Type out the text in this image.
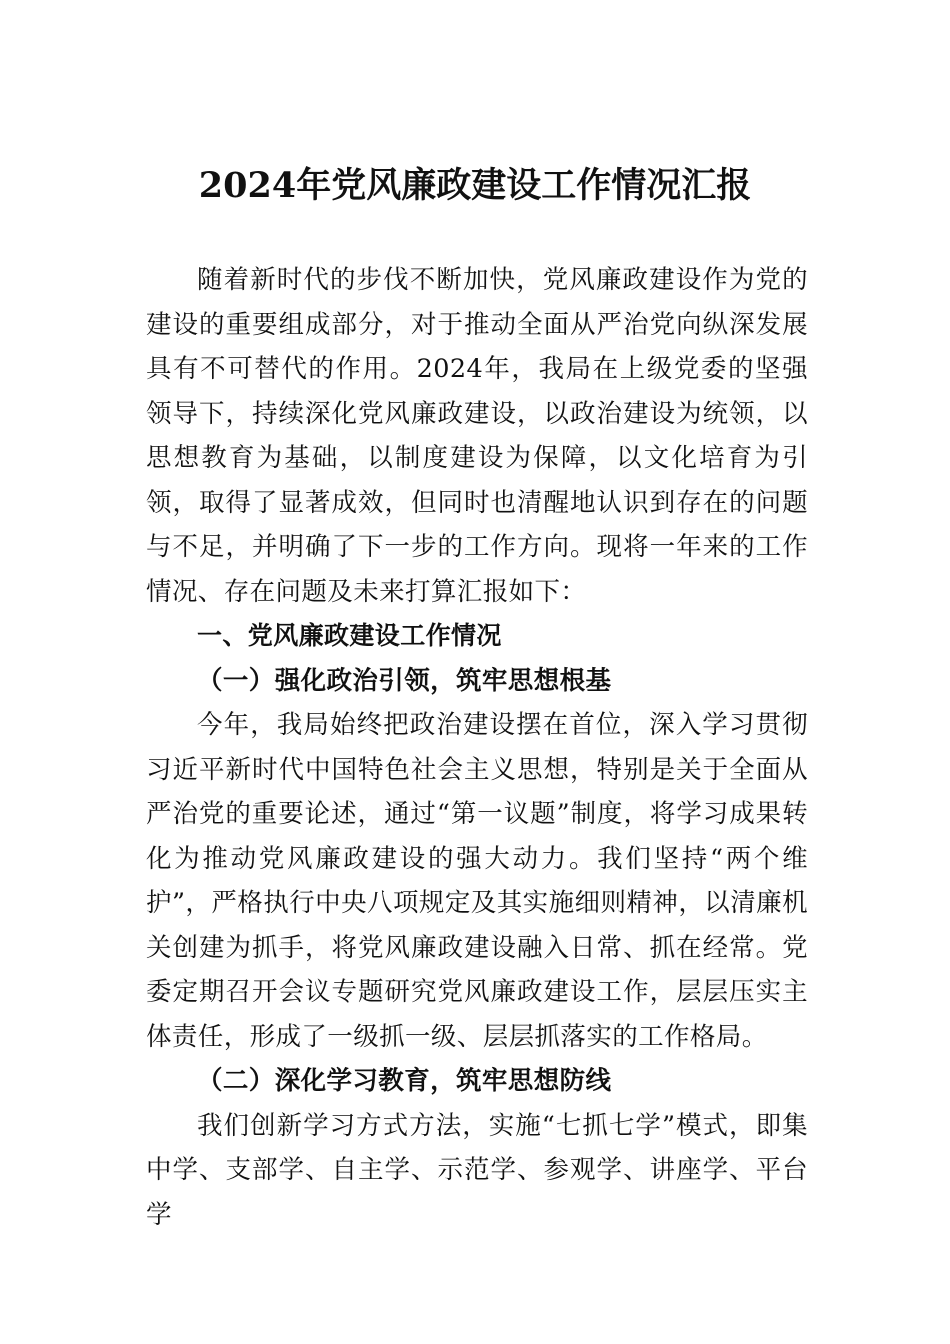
2024年党风廉政建设工作情况汇报

随着新时代的步伐不断加快，党风廉政建设作为党的建设的重要组成部分，对于推动全面从严治党向纵深发展具有不可替代的作用。2024年，我局在上级党委的坚强领导下，持续深化党风廉政建设，以政治建设为统领，以思想教育为基础，以制度建设为保障，以文化培育为引领，取得了显著成效，但同时也清醒地认识到存在的问题与不足，并明确了下一步的工作方向。现将一年来的工作情况、存在问题及未来打算汇报如下：

一、党风廉政建设工作情况

（一）强化政治引领，筑牢思想根基

今年，我局始终把政治建设摆在首位，深入学习贯彻习近平新时代中国特色社会主义思想，特别是关于全面从严治党的重要论述，通过“第一议题”制度，将学习成果转化为推动党风廉政建设的强大动力。我们坚持“两个维护”，严格执行中央八项规定及其实施细则精神，以清廉机关创建为抓手，将党风廉政建设融入日常、抓在经常。党委定期召开会议专题研究党风廉政建设工作，层层压实主体责任，形成了一级抓一级、层层抓落实的工作格局。

（二）深化学习教育，筑牢思想防线

我们创新学习方式方法，实施“七抓七学”模式，即集中学、支部学、自主学、示范学、参观学、讲座学、平台学
